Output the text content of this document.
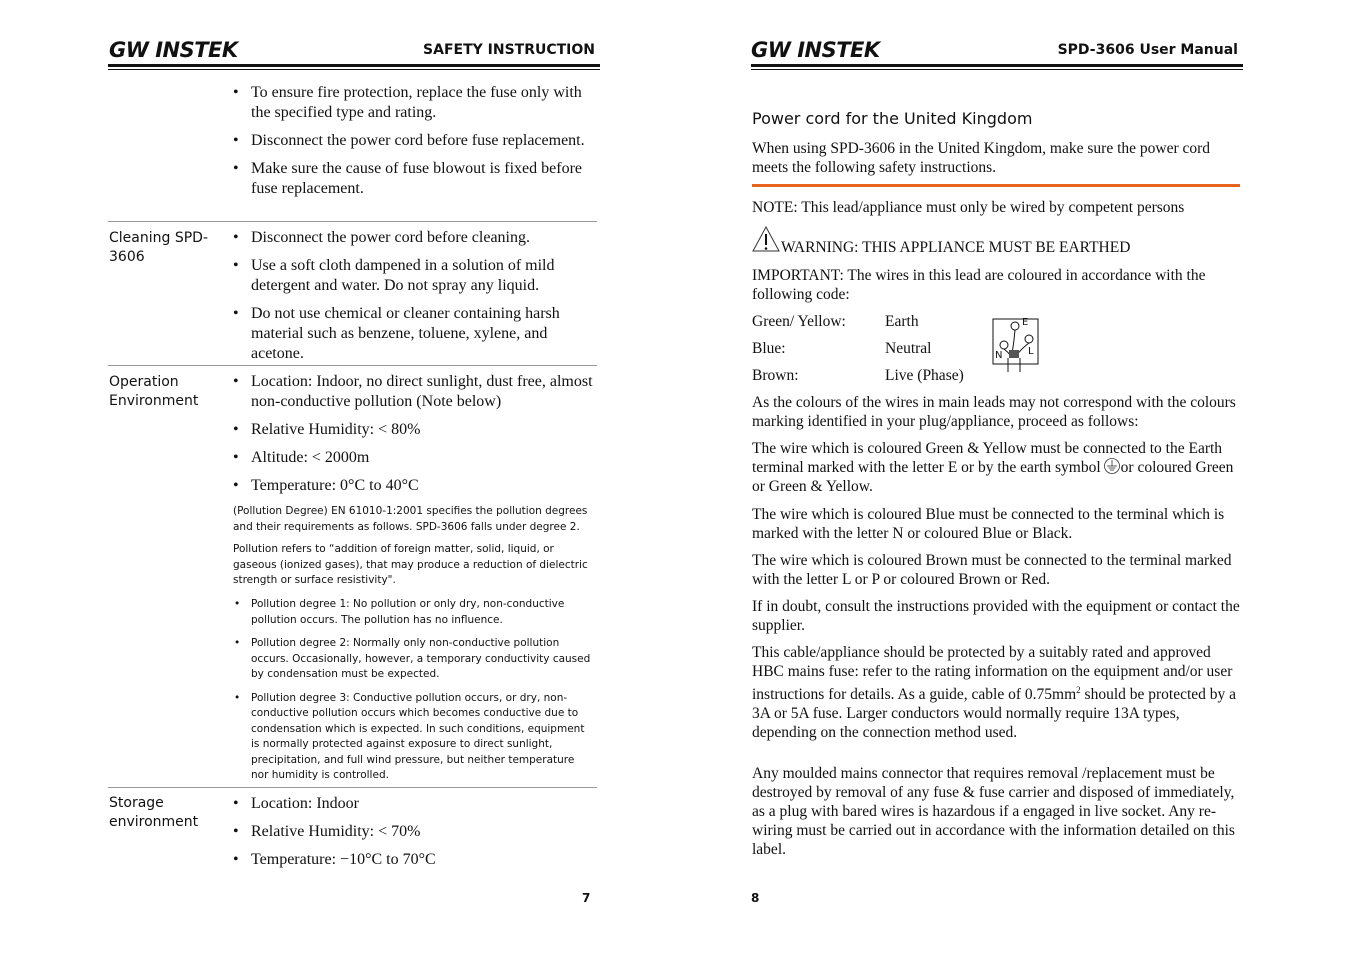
GW INSTEK	SAFETY INSTRUCTION
• To ensure fire protection, replace the fuse only with the specified type and rating.
• Disconnect the power cord before fuse replacement.
• Make sure the cause of fuse blowout is fixed before fuse replacement.
Cleaning SPD-3606
• Disconnect the power cord before cleaning.
• Use a soft cloth dampened in a solution of mild detergent and water. Do not spray any liquid.
• Do not use chemical or cleaner containing harsh material such as benzene, toluene, xylene, and acetone.
Operation Environment
• Location: Indoor, no direct sunlight, dust free, almost non-conductive pollution (Note below)
• Relative Humidity: < 80%
• Altitude: < 2000m
• Temperature: 0°C to 40°C
(Pollution Degree) EN 61010-1:2001 specifies the pollution degrees and their requirements as follows. SPD-3606 falls under degree 2.
Pollution refers to “addition of foreign matter, solid, liquid, or gaseous (ionized gases), that may produce a reduction of dielectric strength or surface resistivity".
• Pollution degree 1: No pollution or only dry, non-conductive pollution occurs. The pollution has no influence.
• Pollution degree 2: Normally only non-conductive pollution occurs. Occasionally, however, a temporary conductivity caused by condensation must be expected.
• Pollution degree 3: Conductive pollution occurs, or dry, non-conductive pollution occurs which becomes conductive due to condensation which is expected. In such conditions, equipment is normally protected against exposure to direct sunlight, precipitation, and full wind pressure, but neither temperature nor humidity is controlled.
Storage environment
• Location: Indoor
• Relative Humidity: < 70%
• Temperature: −10°C to 70°C
7
GW INSTEK	SPD-3606 User Manual
Power cord for the United Kingdom
When using SPD-3606 in the United Kingdom, make sure the power cord meets the following safety instructions.
NOTE: This lead/appliance must only be wired by competent persons
WARNING: THIS APPLIANCE MUST BE EARTHED
IMPORTANT: The wires in this lead are coloured in accordance with the following code:
Green/ Yellow:	Earth
Blue:	Neutral
Brown:	Live (Phase)
E
N	L
As the colours of the wires in main leads may not correspond with the colours marking identified in your plug/appliance, proceed as follows:
The wire which is coloured Green & Yellow must be connected to the Earth terminal marked with the letter E or by the earth symbol or coloured Green or Green & Yellow.
The wire which is coloured Blue must be connected to the terminal which is marked with the letter N or coloured Blue or Black.
The wire which is coloured Brown must be connected to the terminal marked with the letter L or P or coloured Brown or Red.
If in doubt, consult the instructions provided with the equipment or contact the supplier.
This cable/appliance should be protected by a suitably rated and approved HBC mains fuse: refer to the rating information on the equipment and/or user instructions for details. As a guide, cable of $0.75mm^2$ should be protected by a 3A or 5A fuse. Larger conductors would normally require 13A types, depending on the connection method used.
Any moulded mains connector that requires removal /replacement must be destroyed by removal of any fuse & fuse carrier and disposed of immediately, as a plug with bared wires is hazardous if a engaged in live socket. Any re-wiring must be carried out in accordance with the information detailed on this label.
8
